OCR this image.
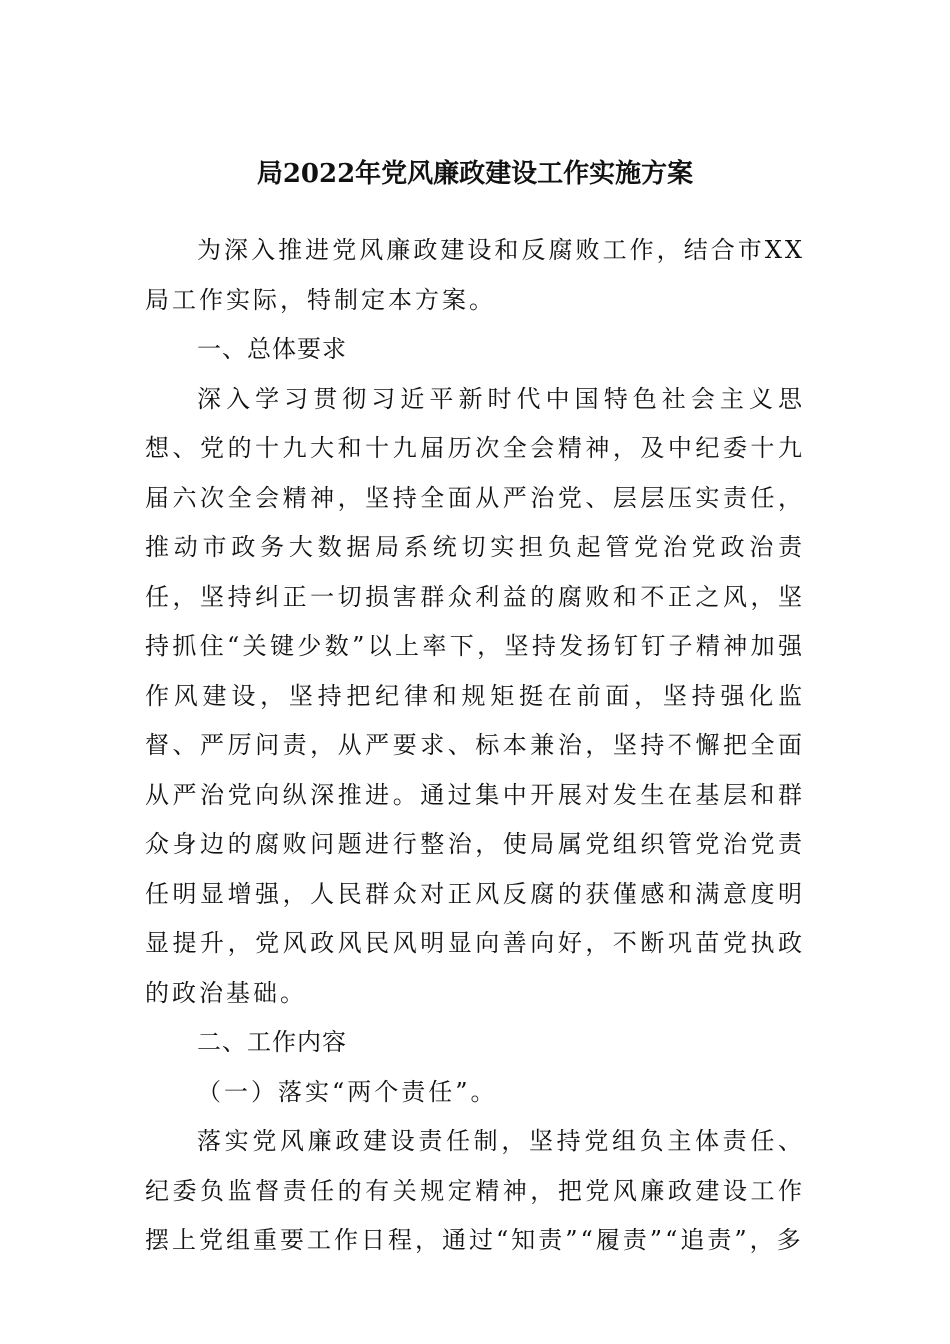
局2022年党风廉政建设工作实施方案

为深入推进党风廉政建设和反腐败工作，结合市XX局工作实际，特制定本方案。

一、总体要求

深入学习贯彻习近平新时代中国特色社会主义思想、党的十九大和十九届历次全会精神，及中纪委十九届六次全会精神，坚持全面从严治党、层层压实责任，推动市政务大数据局系统切实担负起管党治党政治责任，坚持纠正一切损害群众利益的腐败和不正之风，坚持抓住“关键少数”以上率下，坚持发扬钉钉子精神加强作风建设，坚持把纪律和规矩挺在前面，坚持强化监督、严厉问责，从严要求、标本兼治，坚持不懈把全面从严治党向纵深推进。通过集中开展对发生在基层和群众身边的腐败问题进行整治，使局属党组织管党治党责任明显增强，人民群众对正风反腐的获僅感和满意度明显提升，党风政风民风明显向善向好，不断巩苗党执政的政治基础。

二、工作内容

（一）落实“两个责任”。

落实党风廉政建设责任制，坚持党组负主体责任、纪委负监督责任的有关规定精神，把党风廉政建设工作摆上党组重要工作日程，通过“知责”“履责”“追责”，多
